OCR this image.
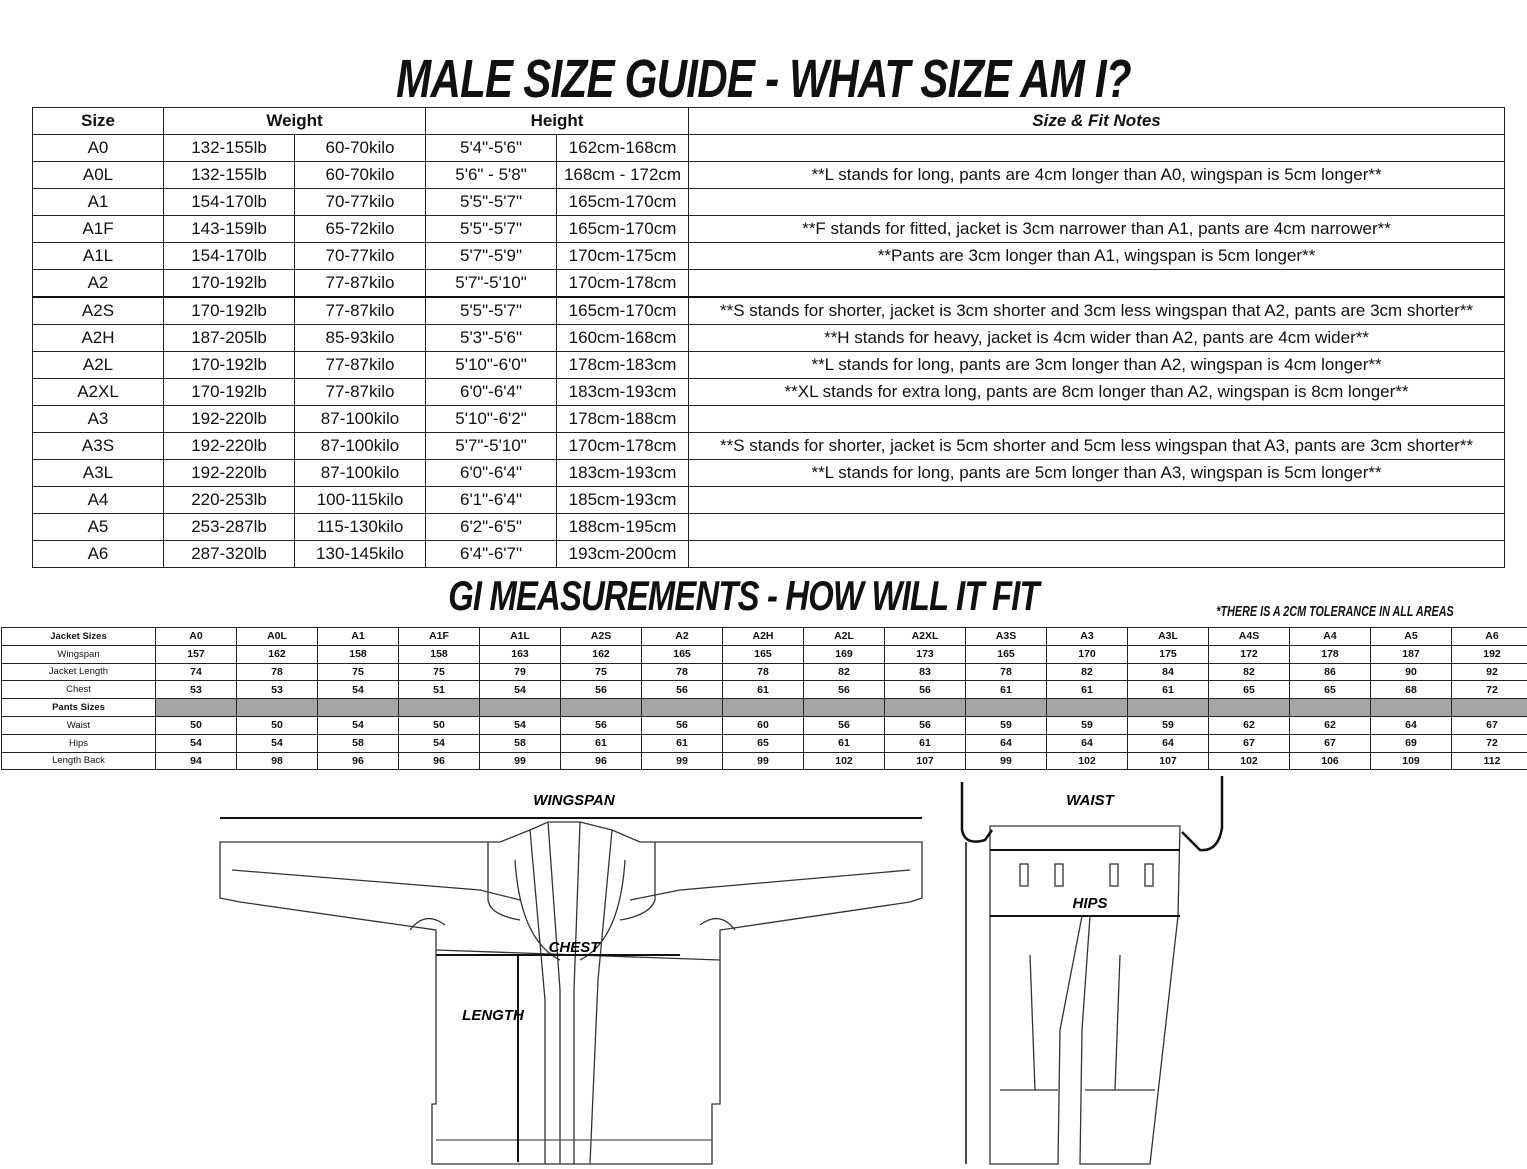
MALE SIZE GUIDE - WHAT SIZE AM I?
Size	Weight		Height		Size & Fit Notes
A0	132-155lb	60-70kilo	5'4"-5'6"	162cm-168cm	
A0L	132-155lb	60-70kilo	5'6" - 5'8"	168cm - 172cm	**L stands for long, pants are 4cm longer than A0, wingspan is 5cm longer**
A1	154-170lb	70-77kilo	5'5"-5'7"	165cm-170cm	
A1F	143-159lb	65-72kilo	5'5"-5'7"	165cm-170cm	**F stands for fitted, jacket is 3cm narrower than A1, pants are 4cm narrower**
A1L	154-170lb	70-77kilo	5'7"-5'9"	170cm-175cm	**Pants are 3cm longer than A1, wingspan is 5cm longer**
A2	170-192lb	77-87kilo	5'7"-5'10"	170cm-178cm	
A2S	170-192lb	77-87kilo	5'5"-5'7"	165cm-170cm	**S stands for shorter, jacket is 3cm shorter and 3cm less wingspan that A2, pants are 3cm shorter**
A2H	187-205lb	85-93kilo	5'3"-5'6"	160cm-168cm	**H stands for heavy, jacket is 4cm wider than A2, pants are 4cm wider**
A2L	170-192lb	77-87kilo	5'10"-6'0"	178cm-183cm	**L stands for long, pants are 3cm longer than A2, wingspan is 4cm longer**
A2XL	170-192lb	77-87kilo	6'0"-6'4"	183cm-193cm	**XL stands for extra long, pants are 8cm longer than A2, wingspan is 8cm longer**
A3	192-220lb	87-100kilo	5'10"-6'2"	178cm-188cm	
A3S	192-220lb	87-100kilo	5'7"-5'10"	170cm-178cm	**S stands for shorter, jacket is 5cm shorter and 5cm less wingspan that A3, pants are 3cm shorter**
A3L	192-220lb	87-100kilo	6'0"-6'4"	183cm-193cm	**L stands for long, pants are 5cm longer than A3, wingspan is 5cm longer**
A4	220-253lb	100-115kilo	6'1"-6'4"	185cm-193cm	
A5	253-287lb	115-130kilo	6'2"-6'5"	188cm-195cm	
A6	287-320lb	130-145kilo	6'4"-6'7"	193cm-200cm	
GI MEASUREMENTS - HOW WILL IT FIT	*THERE IS A 2CM TOLERANCE IN ALL AREAS
Jacket Sizes	A0	A0L	A1	A1F	A1L	A2S	A2	A2H	A2L	A2XL	A3S	A3	A3L	A4S	A4	A5	A6
Wingspan	157	162	158	158	163	162	165	165	169	173	165	170	175	172	178	187	192
Jacket Length	74	78	75	75	79	75	78	78	82	83	78	82	84	82	86	90	92
Chest	53	53	54	51	54	56	56	61	56	56	61	61	61	65	65	68	72
Pants Sizes																	
Waist	50	50	54	50	54	56	56	60	56	56	59	59	59	62	62	64	67
Hips	54	54	58	54	58	61	61	65	61	61	64	64	64	67	67	69	72
Length Back	94	98	96	96	99	96	99	99	102	107	99	102	107	102	106	109	112
WINGSPAN
CHEST
LENGTH
WAIST
HIPS
